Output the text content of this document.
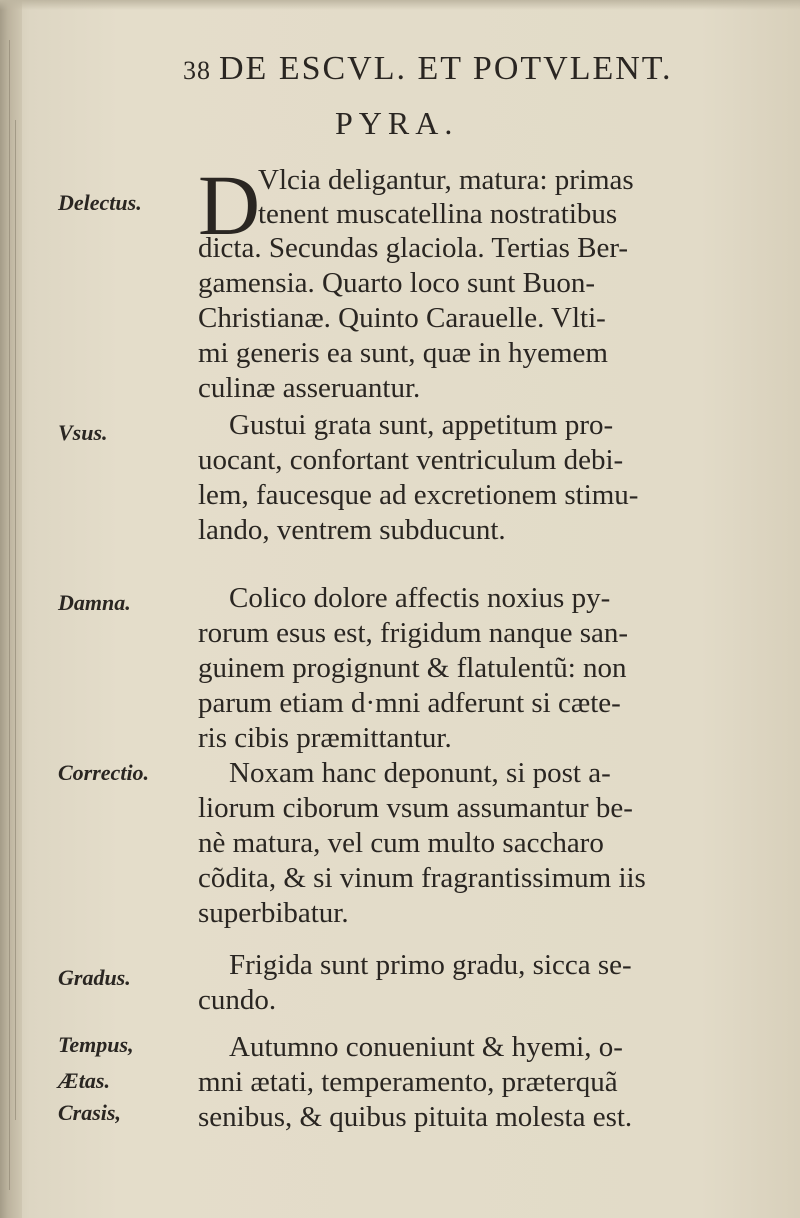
38 DE ESCVL. ET POTVLENT.
PYRA.
D
Delectus.
Vsus.
Damna.
Correctio.
Gradus.
Tempus,
Ætas.
Crasis,
Vlcia deligantur, matura: primas
tenent muscatellina nostratibus
dicta. Secundas glaciola. Tertias Ber-
gamensia. Quarto loco sunt Buon-
Christianæ. Quinto Carauelle. Vlti-
mi generis ea sunt, quæ in hyemem
culinæ asseruantur.
Gustui grata sunt, appetitum pro-
uocant, confortant ventriculum debi-
lem, faucesque ad excretionem stimu-
lando, ventrem subducunt.
Colico dolore affectis noxius py-
rorum esus est, frigidum nanque san-
guinem progignunt & flatulentũ: non
parum etiam d·mni adferunt si cæte-
ris cibis præmittantur.
Noxam hanc deponunt, si post a-
liorum ciborum vsum assumantur be-
nè matura, vel cum multo saccharo
cõdita, & si vinum fragrantissimum iis
superbibatur.
Frigida sunt primo gradu, sicca se-
cundo.
Autumno conueniunt & hyemi, o-
mni ætati, temperamento, præterquã
senibus, & quibus pituita molesta est.
